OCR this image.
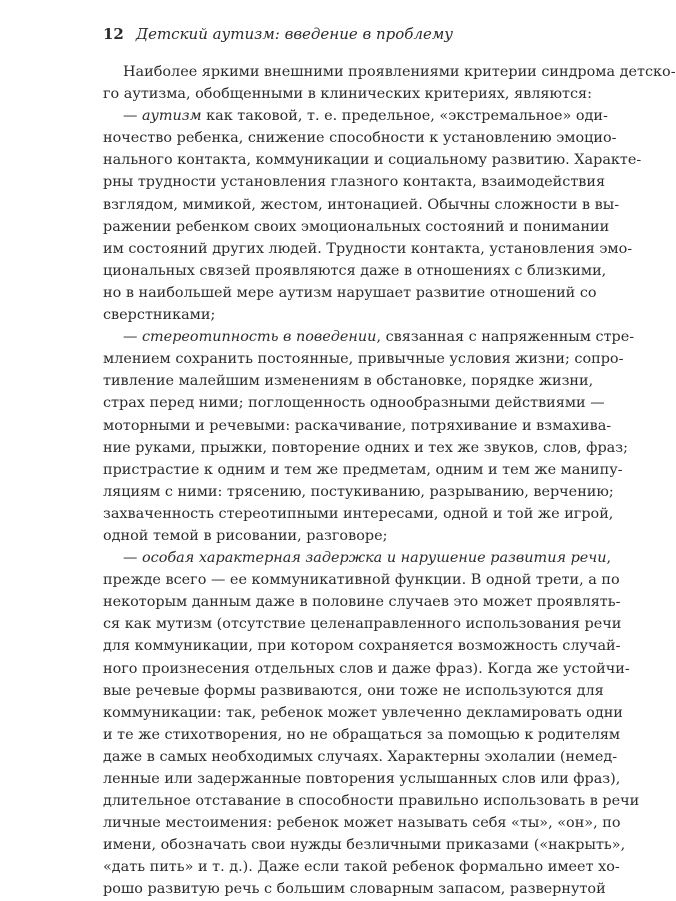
12 Детский аутизм: введение в проблему
Наиболее яркими внешними проявлениями критерии синдрома детско-
го аутизма, обобщенными в клинических критериях, являются:
— аутизм как таковой, т. е. предельное, «экстремальное» оди-
ночество ребенка, снижение способности к установлению эмоцио-
нального контакта, коммуникации и социальному развитию. Характе-
рны трудности установления глазного контакта, взаимодействия
взглядом, мимикой, жестом, интонацией. Обычны сложности в вы-
ражении ребенком своих эмоциональных состояний и понимании
им состояний других людей. Трудности контакта, установления эмо-
циональных связей проявляются даже в отношениях с близкими,
но в наибольшей мере аутизм нарушает развитие отношений со
сверстниками;
— стереотипность в поведении, связанная с напряженным стре-
млением сохранить постоянные, привычные условия жизни; сопро-
тивление малейшим изменениям в обстановке, порядке жизни,
страх перед ними; поглощенность однообразными действиями —
моторными и речевыми: раскачивание, потряхивание и взмахива-
ние руками, прыжки, повторение одних и тех же звуков, слов, фраз;
пристрастие к одним и тем же предметам, одним и тем же манипу-
ляциям с ними: трясению, постукиванию, разрыванию, верчению;
захваченность стереотипными интересами, одной и той же игрой,
одной темой в рисовании, разговоре;
— особая характерная задержка и нарушение развития речи,
прежде всего — ее коммуникативной функции. В одной трети, а по
некоторым данным даже в половине случаев это может проявлять-
ся как мутизм (отсутствие целенаправленного использования речи
для коммуникации, при котором сохраняется возможность случай-
ного произнесения отдельных слов и даже фраз). Когда же устойчи-
вые речевые формы развиваются, они тоже не используются для
коммуникации: так, ребенок может увлеченно декламировать одни
и те же стихотворения, но не обращаться за помощью к родителям
даже в самых необходимых случаях. Характерны эхолалии (немед-
ленные или задержанные повторения услышанных слов или фраз),
длительное отставание в способности правильно использовать в речи
личные местоимения: ребенок может называть себя «ты», «он», по
имени, обозначать свои нужды безличными приказами («накрыть»,
«дать пить» и т. д.). Даже если такой ребенок формально имеет хо-
рошо развитую речь с большим словарным запасом, развернутой
